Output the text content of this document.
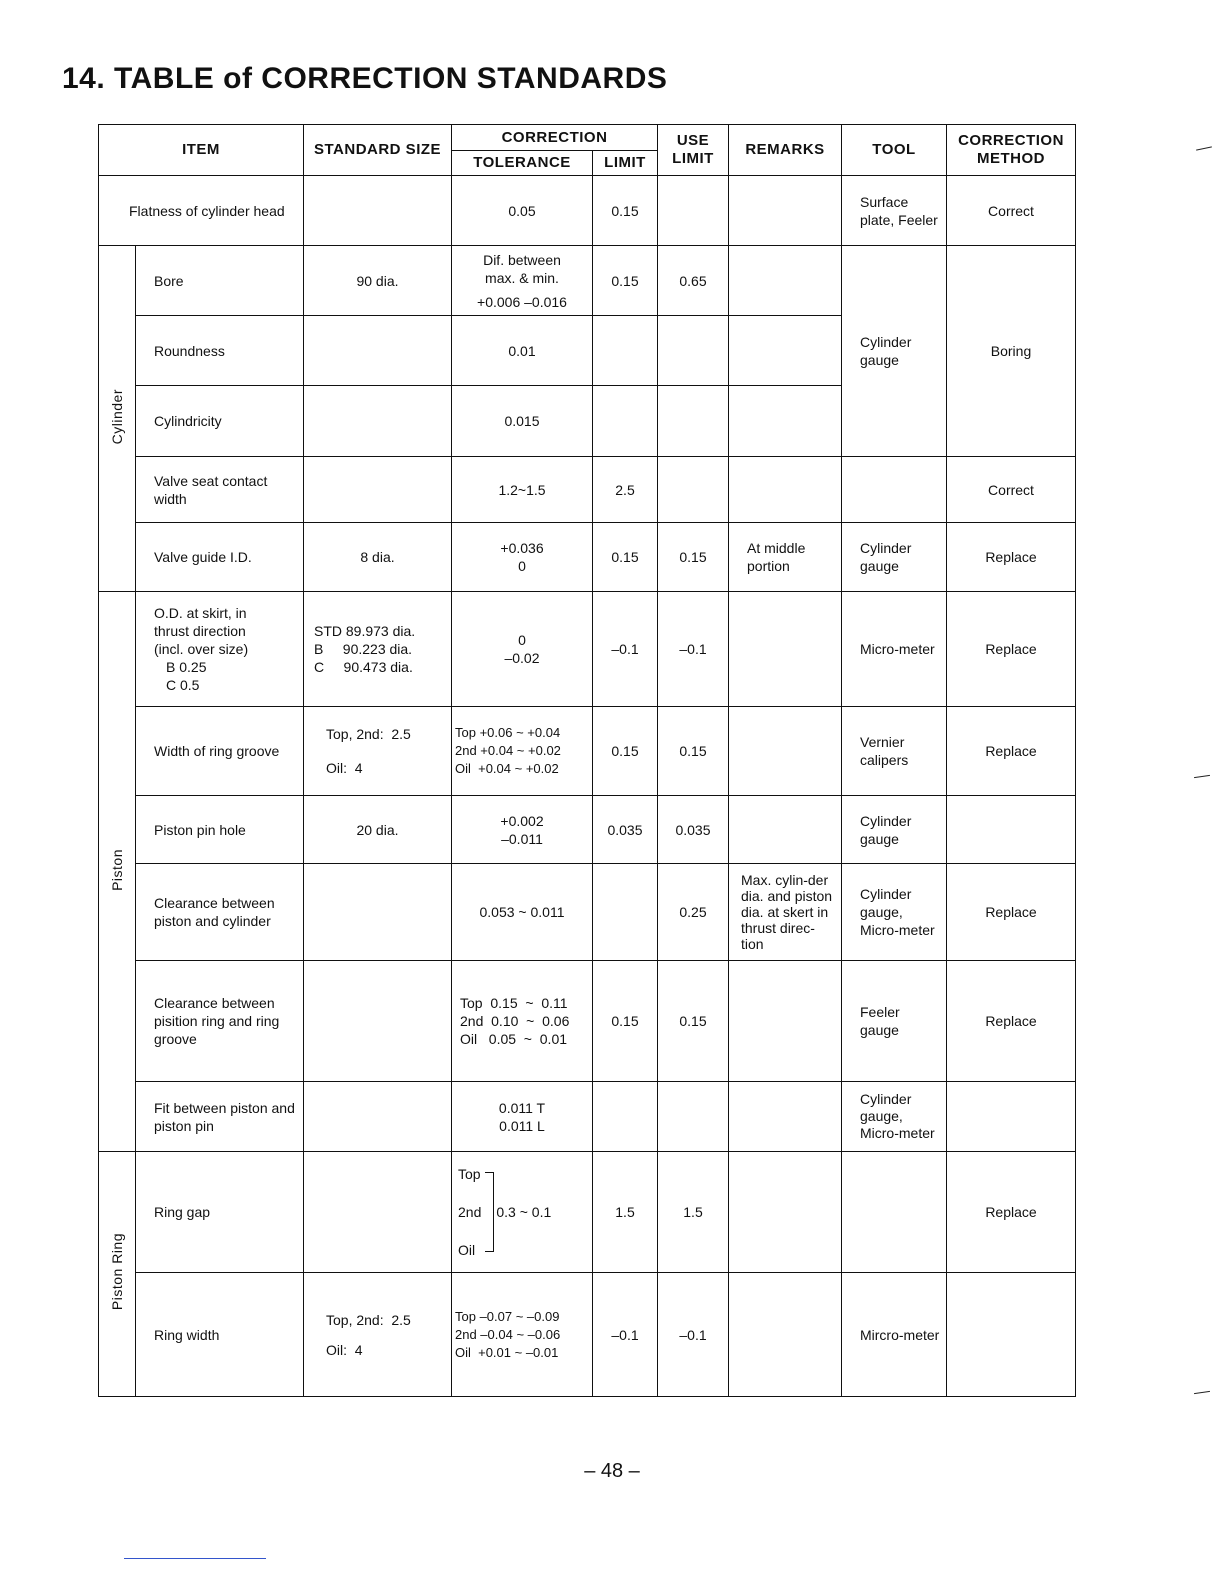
14. TABLE of CORRECTION STANDARDS
ITEM		STANDARD SIZE	CORRECTION		USE LIMIT	REMARKS	TOOL	CORRECTION METHOD
			TOLERANCE	LIMIT				
Flatness of cylinder head			0.05	0.15			Surface plate, Feeler	Correct
Cylinder	Bore	90 dia.	Dif. between
max. & min.
+0.006 –0.016	0.15	0.65		Cylinder gauge	Boring
	Roundness		0.01					
	Cylindricity		0.015					
	Valve seat contact width		1.2~1.5	2.5				Correct
	Valve guide I.D.	8 dia.	+0.036
0	0.15	0.15	At middle portion	Cylinder gauge	Replace
Piston	O.D. at skirt, in
thrust direction
(incl. over size)
B 0.25
C 0.5	STD 89.973 dia.
B     90.223 dia.
C     90.473 dia.	0
–0.02	–0.1	–0.1		Micro-meter	Replace
	Width of ring groove	Top, 2nd:  2.5
Oil:  4	Top +0.06 ~ +0.04
2nd +0.04 ~ +0.02
Oil  +0.04 ~ +0.02	0.15	0.15		Vernier calipers	Replace
	Piston pin hole	20 dia.	+0.002
–0.011	0.035	0.035		Cylinder gauge	
	Clearance between piston and cylinder		0.053 ~ 0.011		0.25	Max. cylin-der dia. and piston dia. at skert in thrust direc-tion	Cylinder gauge, Micro-meter	Replace
	Clearance between pisition ring and ring groove		Top  0.15  ~  0.11
2nd  0.10  ~  0.06
Oil   0.05  ~  0.01	0.15	0.15		Feeler gauge	Replace
	Fit between piston and piston pin		0.011 T
0.011 L				Cylinder gauge, Micro-meter	
Piston Ring	Ring gap		Top
2nd
Oil
0.3 ~ 0.1	1.5	1.5			Replace
	Ring width	Top, 2nd:  2.5
Oil:  4	Top –0.07 ~ –0.09
2nd –0.04 ~ –0.06
Oil  +0.01 ~ –0.01	–0.1	–0.1		Mircro-meter	
– 48 –
